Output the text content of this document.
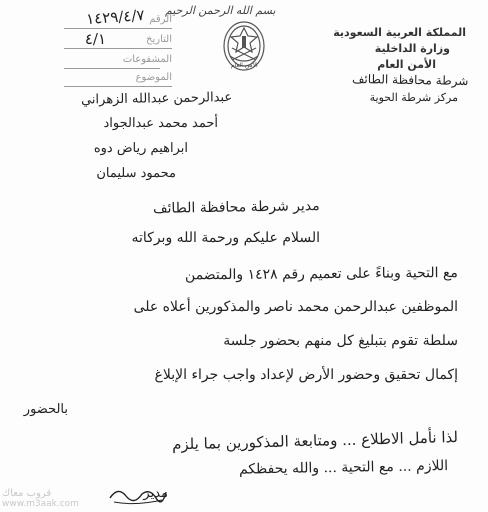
بسم الله الرحمن الرحيم
المملكة العربية السعودية
وزارة الداخلية
الأمن العام
شرطة محافظة الطائف
مركز شرطة الحوية
الأمن العام
الرقم
١٤٢٩/٤/٧
التاريخ
٤/١
المشفوعات
الموضوع
عبدالرحمن عبدالله الزهراني
أحمد محمد عبدالجواد
ابراهيم رياض دوه
محمود سليمان
مدير شرطة محافظة الطائف
السلام عليكم ورحمة الله وبركاته
مع التحية وبناءً على تعميم رقم ١٤٢٨ والمتضمن
الموظفين عبدالرحمن محمد ناصر والمذكورين أعلاه على
سلطة تقوم بتبليغ كل منهم بحضور جلسة
إكمال تحقيق وحضور الأرض لإعداد واجب جراء الإبلاغ
بالحضور
لذا نأمل الاطلاع ... ومتابعة المذكورين بما يلزم
اللازم ... مع التحية ... والله يحفظكم
مدير
قروب معاك
www.m3aak.com
